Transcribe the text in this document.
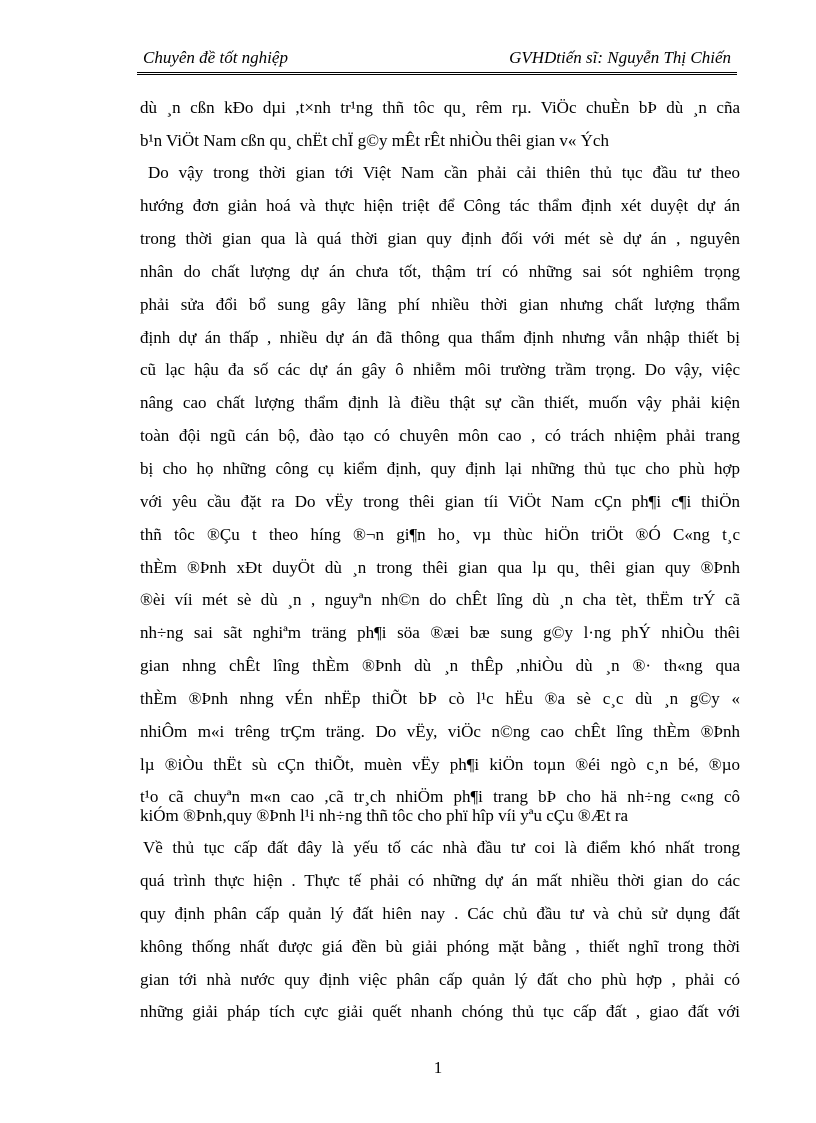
Chuyên đề tốt nghiệp	GVHDtiến sĩ: Nguyễn Thị Chiến
dù ¸n cßn kÐo dµi ,t×nh tr¹ng thñ tôc qu¸ rêm rµ. ViÖc chuÈn bÞ dù ¸n cña
b¹n ViÖt Nam cßn qu¸ chËt chÏ g©y mÊt rÊt nhiÒu thêi gian v« Ých
Do vậy trong thời gian tới Việt Nam cần phải cải thiên thủ tục đầu tư theo
hướng đơn giản hoá và thực hiện triệt để Công tác thẩm định xét duyệt dự án
trong thời gian qua là quá thời gian quy định đối với mét sè dự án , nguyên
nhân do chất lượng dự án chưa tốt, thậm trí có những sai sót nghiêm trọng
phải sửa đổi bổ sung gây lãng phí nhiều thời gian nhưng chất lượng thẩm
định dự án thấp , nhiều dự án đã thông qua thẩm định nhưng vẫn nhập thiết bị
cũ lạc hậu đa số các dự án gây ô nhiễm môi trường trầm trọng. Do vậy, việc
nâng cao chất lượng thẩm định là điều thật sự cần thiết, muốn vậy phải kiện
toàn đội ngũ cán bộ, đào tạo có chuyên môn cao , có trách nhiệm phải trang
bị cho họ những công cụ kiểm định, quy định lại những thủ tục cho phù hợp
với yêu cầu đặt ra Do vËy trong thêi gian tíi ViÖt Nam cÇn ph¶i c¶i thiÖn
thñ tôc ®Çu t theo híng ®¬n gi¶n ho¸ vµ thùc hiÖn triÖt ®Ó C«ng t¸c
thÈm ®Þnh xÐt duyÖt dù ¸n trong thêi gian qua lµ qu¸ thêi gian quy ®Þnh
®èi víi mét sè dù ¸n , nguyªn nh©n do chÊt lîng dù ¸n cha tèt, thËm trÝ cã
nh÷ng sai sãt nghiªm träng ph¶i söa ®æi bæ sung g©y l·ng phÝ nhiÒu thêi
gian nhng chÊt lîng thÈm ®Þnh dù ¸n thÊp ,nhiÒu dù ¸n ®· th«ng qua
thÈm ®Þnh nhng vÉn nhËp thiÕt bÞ cò l¹c hËu ®a sè c¸c dù ¸n g©y «
nhiÔm m«i trêng trÇm träng. Do vËy, viÖc n©ng cao chÊt lîng thÈm ®Þnh
lµ ®iÒu thËt sù cÇn thiÕt, muèn vËy ph¶i kiÖn toµn ®éi ngò c¸n bé, ®µo
t¹o cã chuyªn m«n cao ,cã tr¸ch nhiÖm ph¶i trang bÞ cho hä nh÷ng c«ng cô
kiÓm ®Þnh,quy ®Þnh l¹i nh÷ng thñ tôc cho phï hîp víi yªu cÇu ®Æt ra
Về thủ tục cấp đất đây là yếu tố các nhà đầu tư coi là điểm khó nhất trong
quá trình thực hiện . Thực tế phải có những dự án mất nhiều thời gian do các
quy định phân cấp quản lý đất hiên nay . Các chủ đầu tư và chủ sử dụng đất
không thống nhất được giá đền bù giải phóng mặt bằng , thiết nghĩ trong thời
gian tới nhà nước quy định việc phân cấp quản lý đất cho phù hợp , phải có
những giải pháp tích cực giải quết nhanh chóng thủ tục cấp đất , giao đất với
1
